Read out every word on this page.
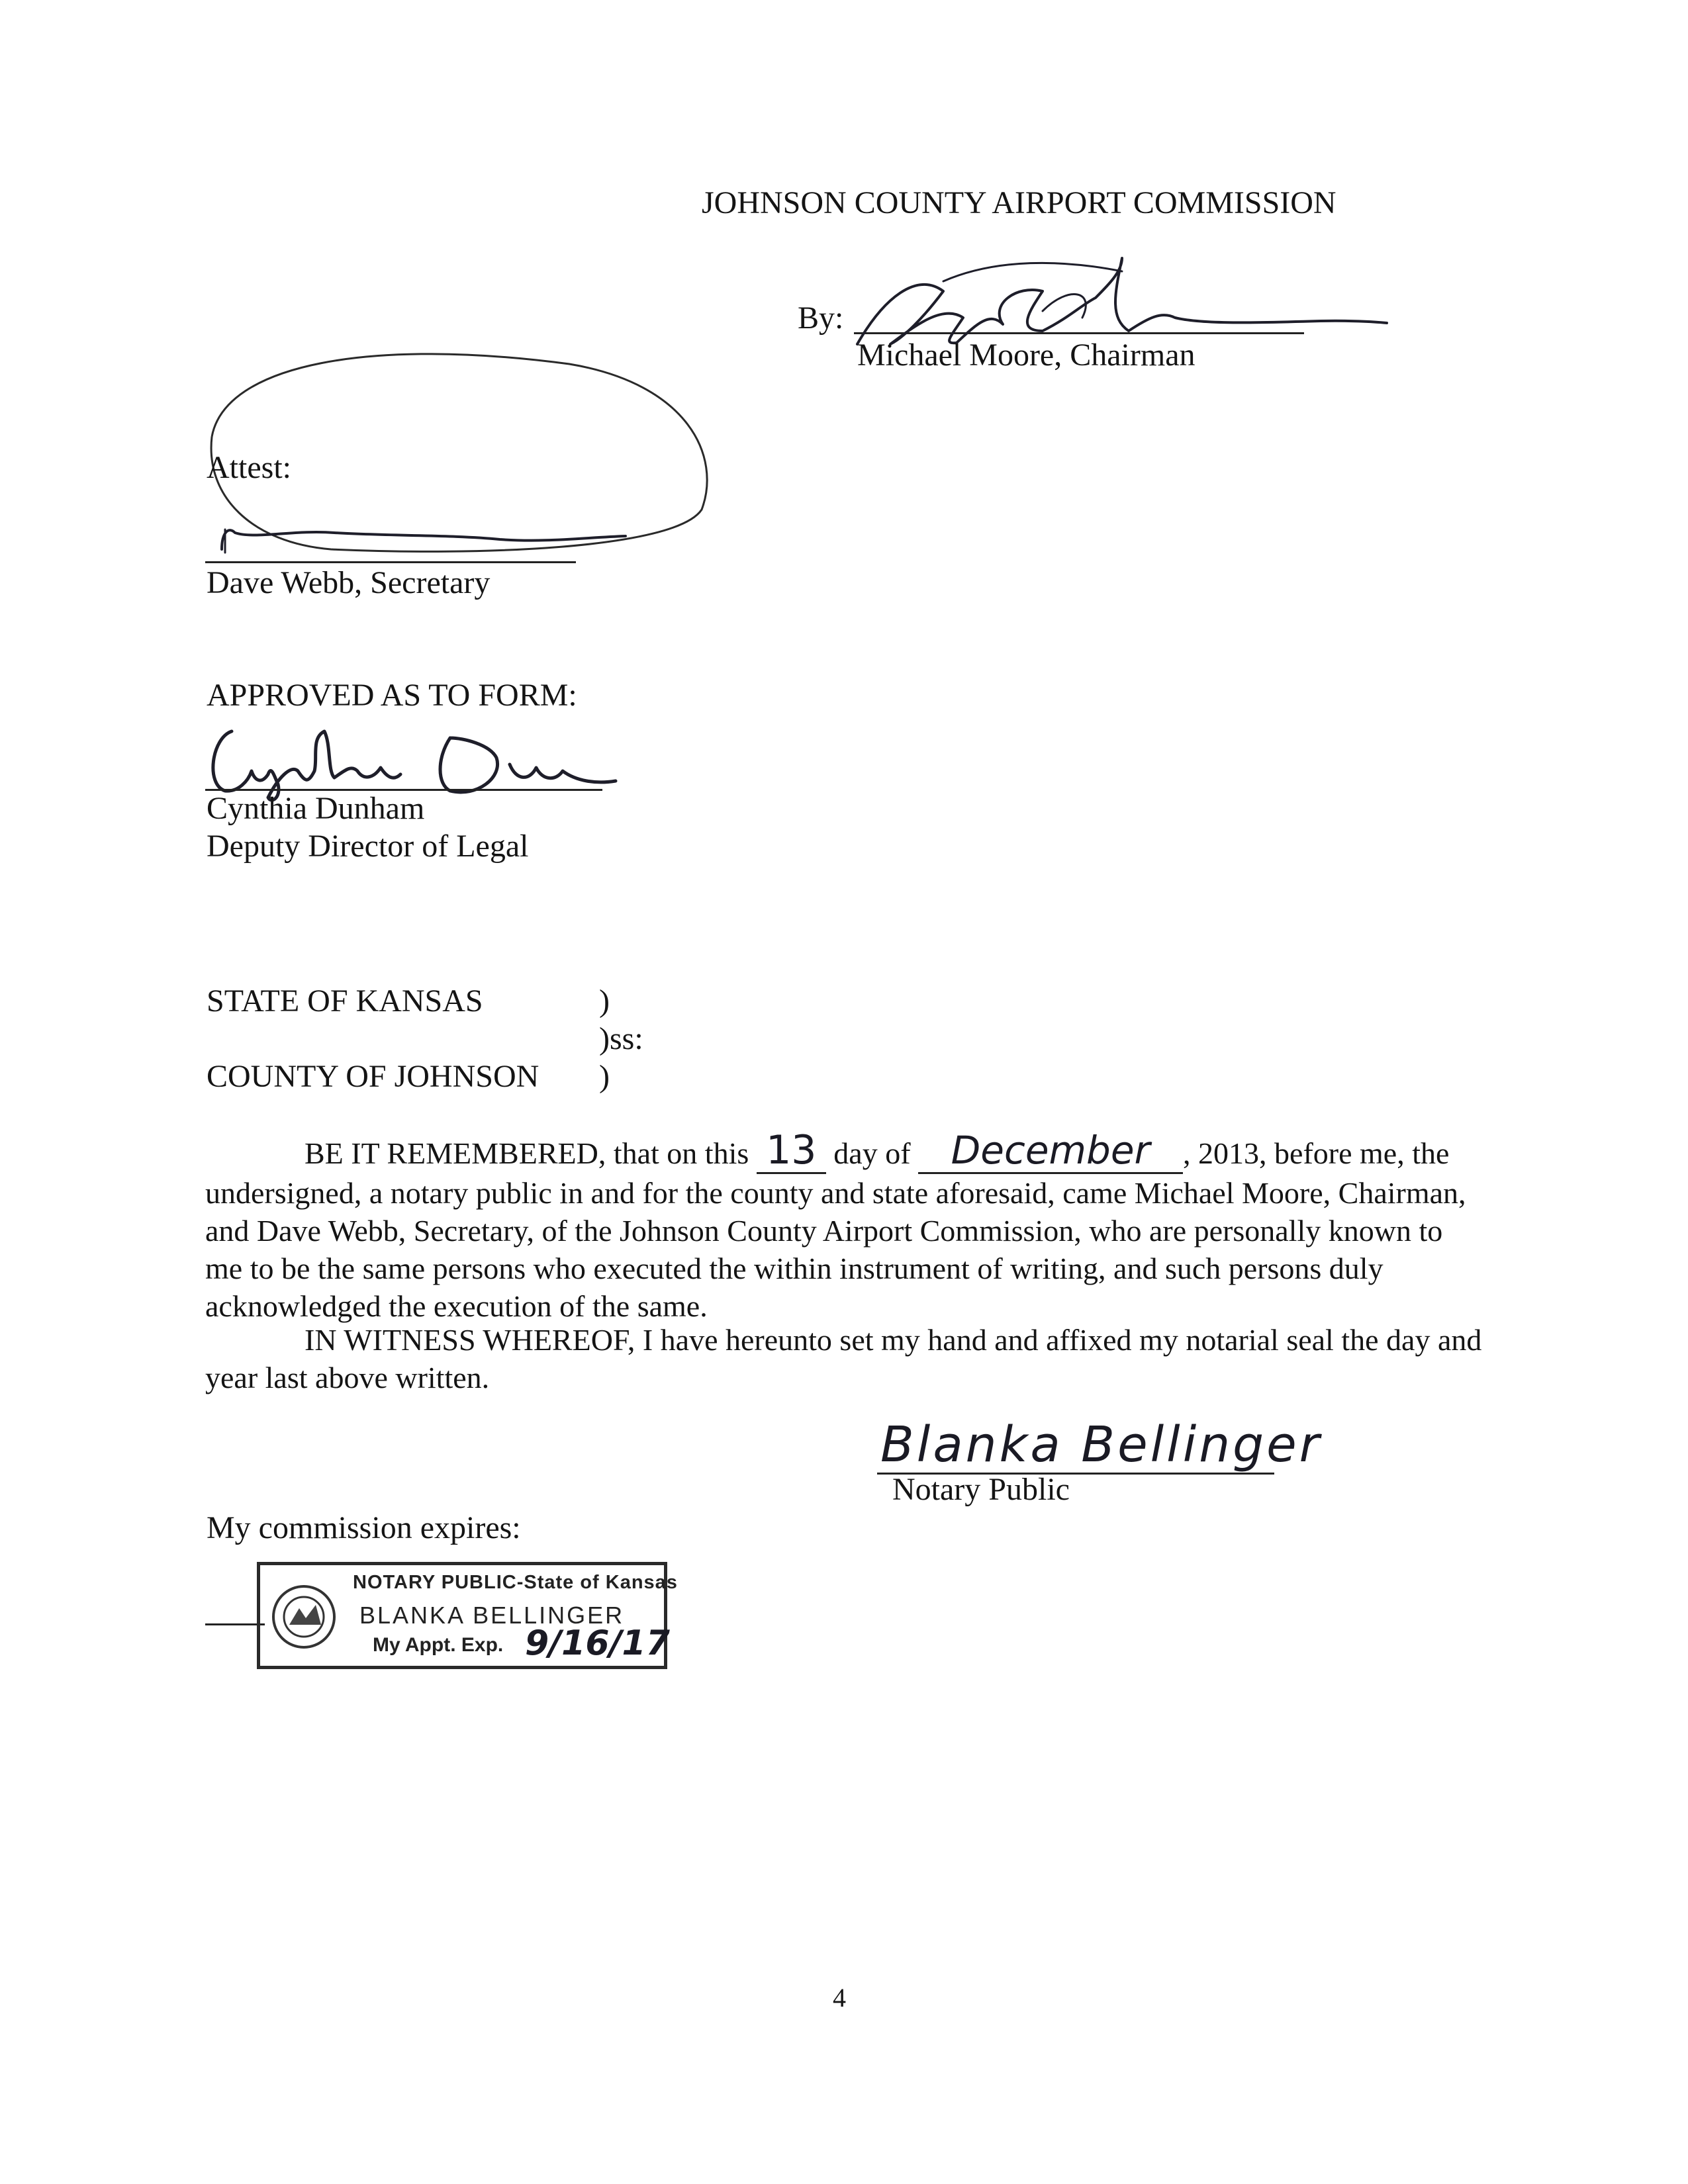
JOHNSON COUNTY AIRPORT COMMISSION
By:
Michael Moore, Chairman
Attest:
Dave Webb, Secretary
APPROVED AS TO FORM:
Cynthia Dunham
Deputy Director of Legal
STATE OF KANSAS	)
)ss:
COUNTY OF JOHNSON )
BE IT REMEMBERED, that on this 13 day of December , 2013, before me, the undersigned, a notary public in and for the county and state aforesaid, came Michael Moore, Chairman, and Dave Webb, Secretary, of the Johnson County Airport Commission, who are personally known to me to be the same persons who executed the within instrument of writing, and such persons duly acknowledged the execution of the same.
IN WITNESS WHEREOF, I have hereunto set my hand and affixed my notarial seal the day and year last above written.
Blanka Bellinger
Notary Public
My commission expires:
NOTARY PUBLIC-State of Kansas
BLANKA BELLINGER
My Appt. Exp. 9/16/17
4
